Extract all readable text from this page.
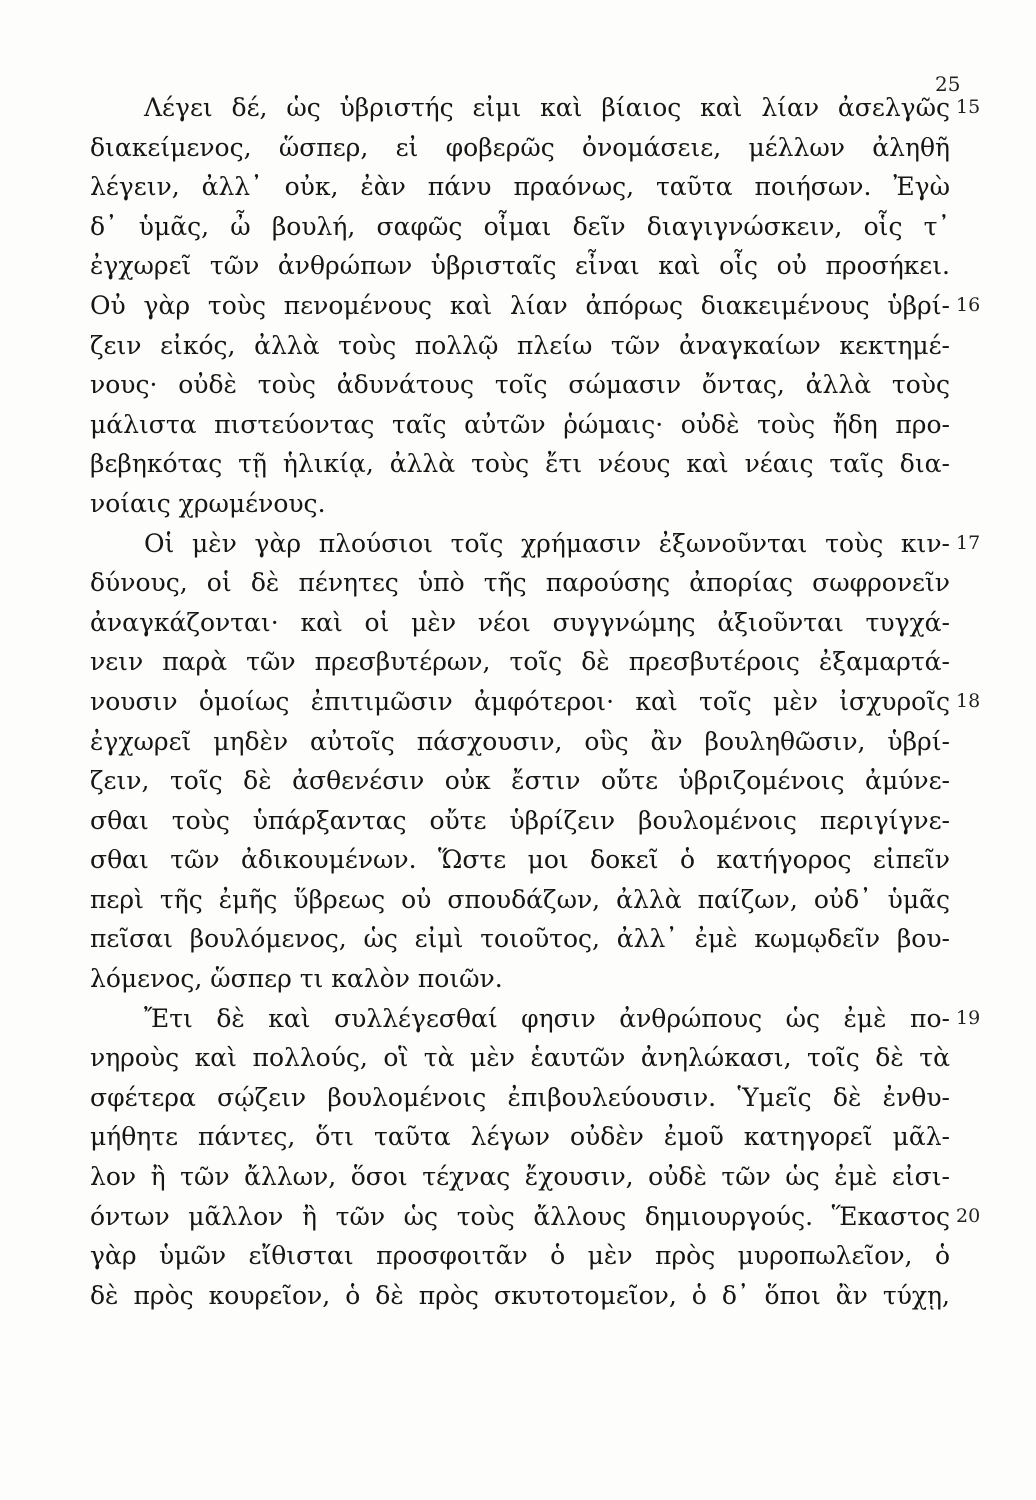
25
Λέγει δέ, ὡς ὑβριστής εἰμι καὶ βίαιος καὶ λίαν ἀσελγῶς 15
διακείμενος, ὥσπερ, εἰ φοβερῶς ὀνομάσειε, μέλλων ἀληθῆ
λέγειν, ἀλλ᾽ οὐκ, ἐὰν πάνυ πραόνως, ταῦτα ποιήσων. Ἐγὼ
δ᾽ ὑμᾶς, ὦ βουλή, σαφῶς οἶμαι δεῖν διαγιγνώσκειν, οἷς τ᾽
ἐγχωρεῖ τῶν ἀνθρώπων ὑβρισταῖς εἶναι καὶ οἷς οὐ προσήκει.
Οὐ γὰρ τοὺς πενομένους καὶ λίαν ἀπόρως διακειμένους ὑβρί- 16
ζειν εἰκός, ἀλλὰ τοὺς πολλῷ πλείω τῶν ἀναγκαίων κεκτημέ-
νους· οὐδὲ τοὺς ἀδυνάτους τοῖς σώμασιν ὄντας, ἀλλὰ τοὺς
μάλιστα πιστεύοντας ταῖς αὐτῶν ῥώμαις· οὐδὲ τοὺς ἤδη προ-
βεβηκότας τῇ ἡλικίᾳ, ἀλλὰ τοὺς ἔτι νέους καὶ νέαις ταῖς δια-
νοίαις χρωμένους.
Οἱ μὲν γὰρ πλούσιοι τοῖς χρήμασιν ἐξωνοῦνται τοὺς κιν- 17
δύνους, οἱ δὲ πένητες ὑπὸ τῆς παρούσης ἀπορίας σωφρονεῖν
ἀναγκάζονται· καὶ οἱ μὲν νέοι συγγνώμης ἀξιοῦνται τυγχά-
νειν παρὰ τῶν πρεσβυτέρων, τοῖς δὲ πρεσβυτέροις ἐξαμαρτά-
νουσιν ὁμοίως ἐπιτιμῶσιν ἀμφότεροι· καὶ τοῖς μὲν ἰσχυροῖς 18
ἐγχωρεῖ μηδὲν αὐτοῖς πάσχουσιν, οὓς ἂν βουληθῶσιν, ὑβρί-
ζειν, τοῖς δὲ ἀσθενέσιν οὐκ ἔστιν οὔτε ὑβριζομένοις ἀμύνε-
σθαι τοὺς ὑπάρξαντας οὔτε ὑβρίζειν βουλομένοις περιγίγνε-
σθαι τῶν ἀδικουμένων. Ὥστε μοι δοκεῖ ὁ κατήγορος εἰπεῖν
περὶ τῆς ἐμῆς ὕβρεως οὐ σπουδάζων, ἀλλὰ παίζων, οὐδ᾽ ὑμᾶς
πεῖσαι βουλόμενος, ὡς εἰμὶ τοιοῦτος, ἀλλ᾽ ἐμὲ κωμῳδεῖν βου-
λόμενος, ὥσπερ τι καλὸν ποιῶν.
Ἔτι δὲ καὶ συλλέγεσθαί φησιν ἀνθρώπους ὡς ἐμὲ πο- 19
νηροὺς καὶ πολλούς, οἳ τὰ μὲν ἑαυτῶν ἀνηλώκασι, τοῖς δὲ τὰ
σφέτερα σῴζειν βουλομένοις ἐπιβουλεύουσιν. Ὑμεῖς δὲ ἐνθυ-
μήθητε πάντες, ὅτι ταῦτα λέγων οὐδὲν ἐμοῦ κατηγορεῖ μᾶλ-
λον ἢ τῶν ἄλλων, ὅσοι τέχνας ἔχουσιν, οὐδὲ τῶν ὡς ἐμὲ εἰσι-
όντων μᾶλλον ἢ τῶν ὡς τοὺς ἄλλους δημιουργούς. Ἕκαστος 20
γὰρ ὑμῶν εἴθισται προσφοιτᾶν ὁ μὲν πρὸς μυροπωλεῖον, ὁ
δὲ πρὸς κουρεῖον, ὁ δὲ πρὸς σκυτοτομεῖον, ὁ δ᾽ ὅποι ἂν τύχῃ,
